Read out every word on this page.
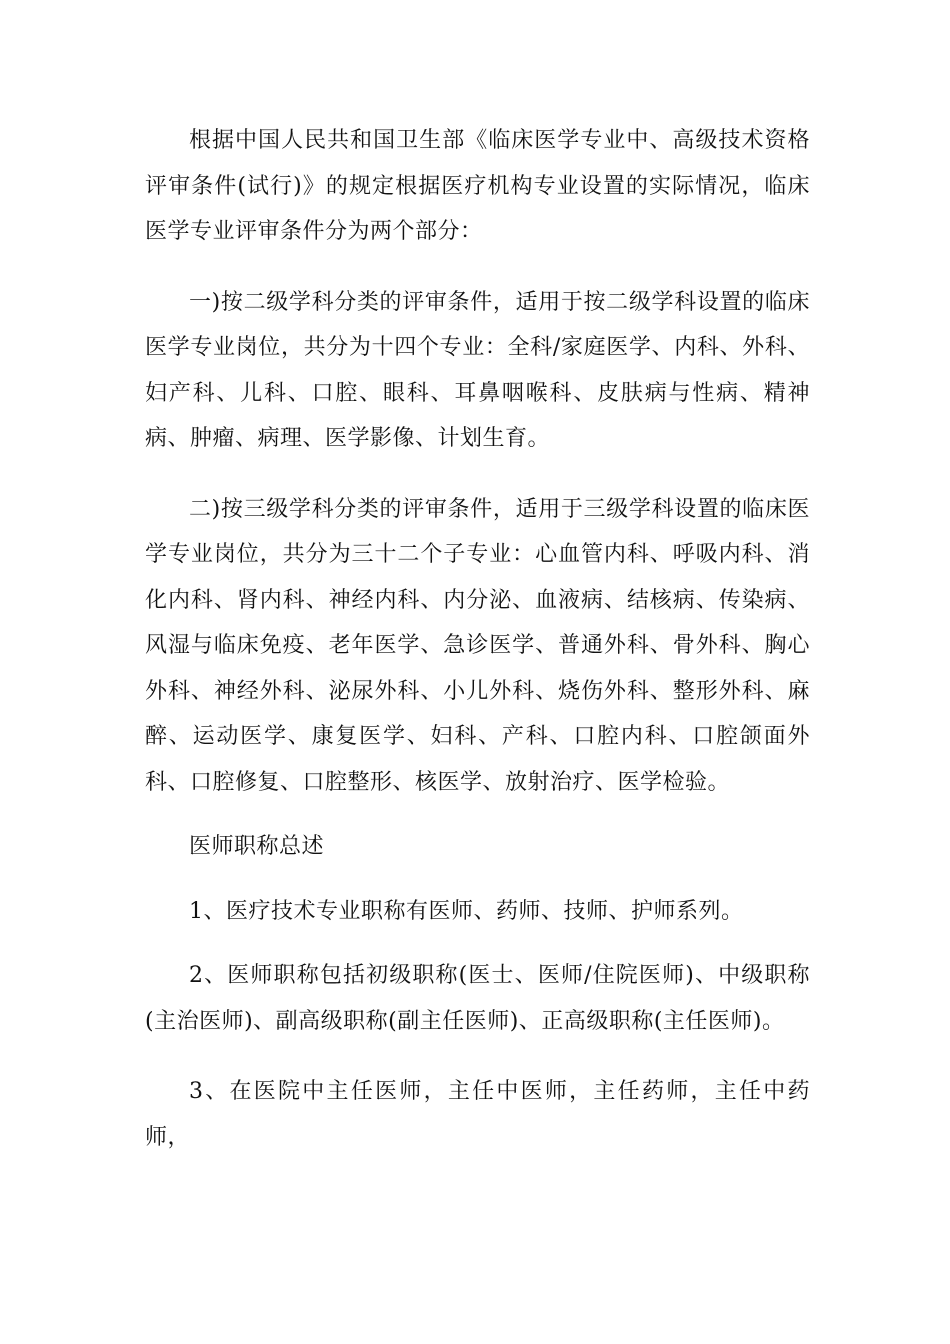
根据中国人民共和国卫生部《临床医学专业中、高级技术资格评审条件(试行)》的规定根据医疗机构专业设置的实际情况，临床医学专业评审条件分为两个部分：

一)按二级学科分类的评审条件，适用于按二级学科设置的临床医学专业岗位，共分为十四个专业：全科/家庭医学、内科、外科、妇产科、儿科、口腔、眼科、耳鼻咽喉科、皮肤病与性病、精神病、肿瘤、病理、医学影像、计划生育。

二)按三级学科分类的评审条件，适用于三级学科设置的临床医学专业岗位，共分为三十二个子专业：心血管内科、呼吸内科、消化内科、肾内科、神经内科、内分泌、血液病、结核病、传染病、风湿与临床免疫、老年医学、急诊医学、普通外科、骨外科、胸心外科、神经外科、泌尿外科、小儿外科、烧伤外科、整形外科、麻醉、运动医学、康复医学、妇科、产科、口腔内科、口腔颌面外科、口腔修复、口腔整形、核医学、放射治疗、医学检验。

医师职称总述

1、医疗技术专业职称有医师、药师、技师、护师系列。

2、医师职称包括初级职称(医士、医师/住院医师)、中级职称(主治医师)、副高级职称(副主任医师)、正高级职称(主任医师)。

3、在医院中主任医师，主任中医师，主任药师，主任中药师，
